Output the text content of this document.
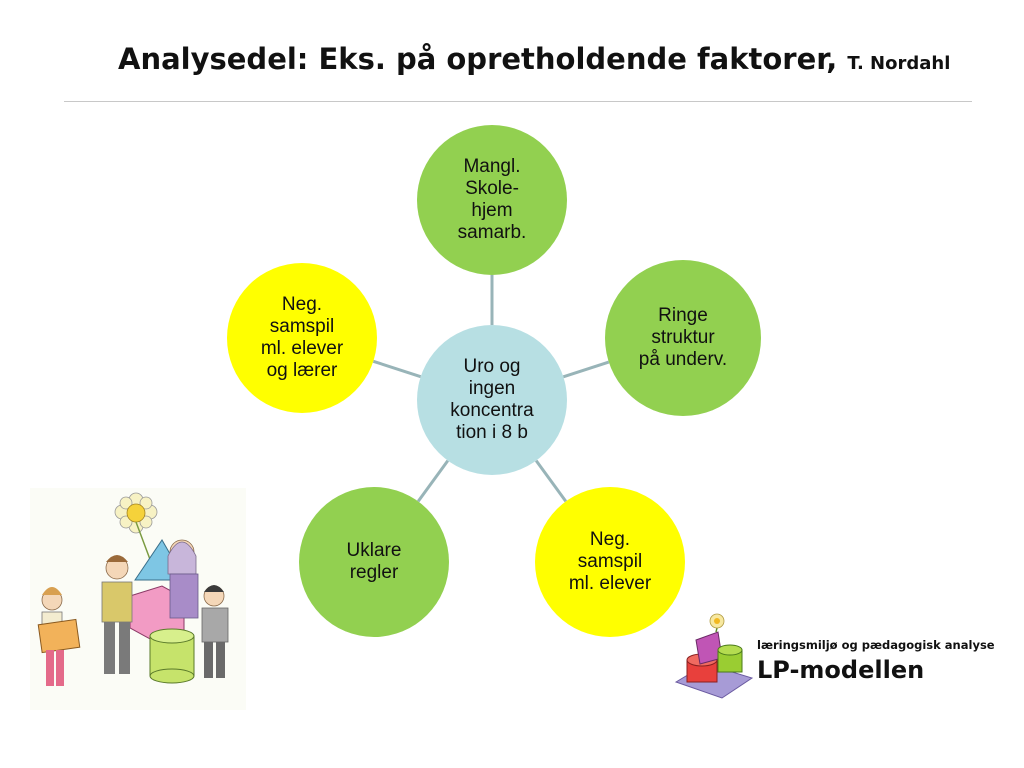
Analysedel: Eks. på opretholdende faktorer, T. Nordahl
Mangl.
Skole-
hjem
samarb.
Ringe
struktur
på underv.
Neg.
samspil
ml. elever
Uklare
regler
Neg.
samspil
ml. elever
og lærer	Uro og
ingen
koncentra
tion i 8 b
læringsmiljø og pædagogisk analyse
LP-modellen
